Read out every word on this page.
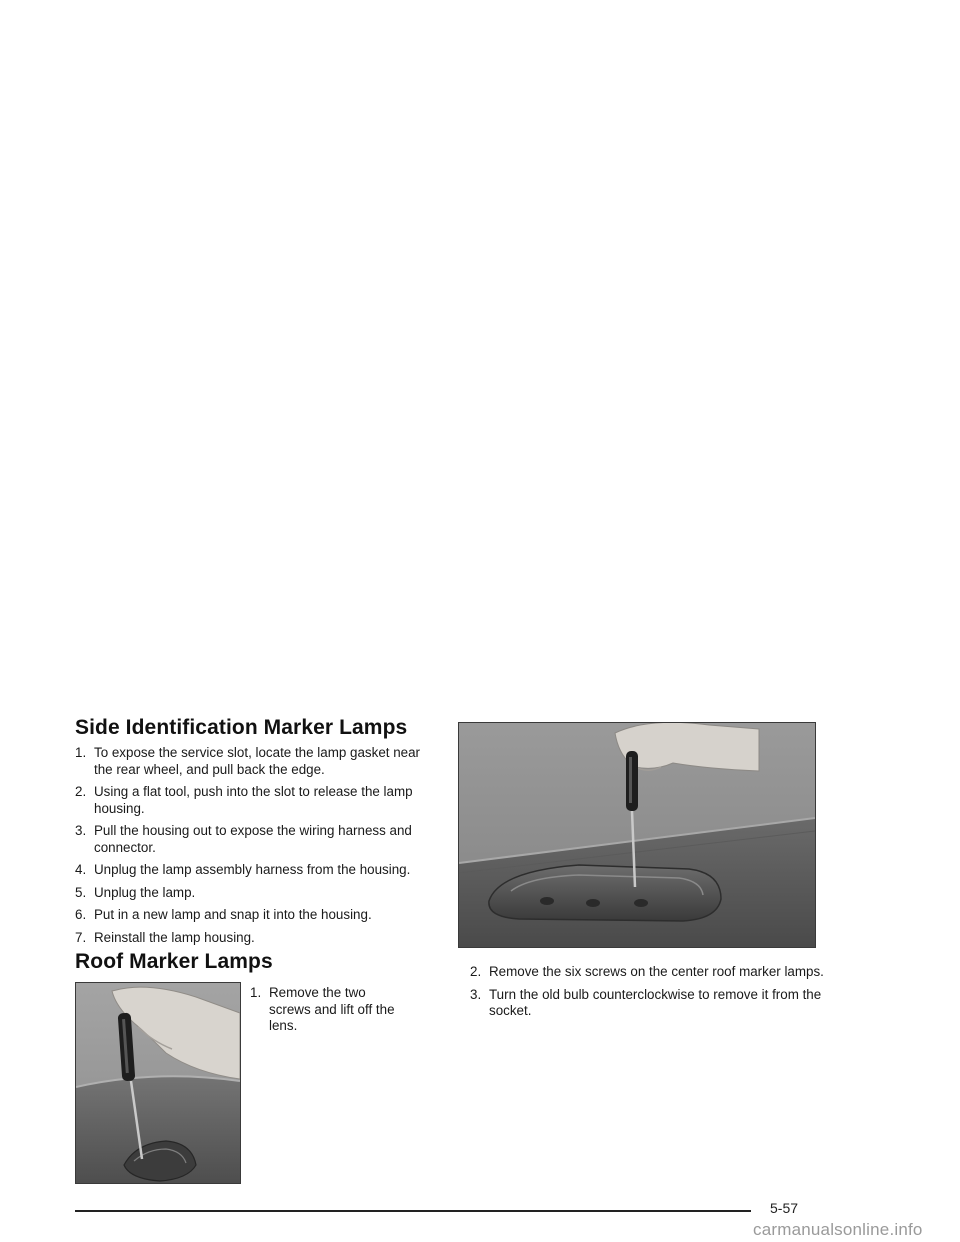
Side Identification Marker Lamps
1. To expose the service slot, locate the lamp gasket near the rear wheel, and pull back the edge.
2. Using a flat tool, push into the slot to release the lamp housing.
3. Pull the housing out to expose the wiring harness and connector.
4. Unplug the lamp assembly harness from the housing.
5. Unplug the lamp.
6. Put in a new lamp and snap it into the housing.
7. Reinstall the lamp housing.
Roof Marker Lamps
1. Remove the two screws and lift off the lens.
2. Remove the six screws on the center roof marker lamps.
3. Turn the old bulb counterclockwise to remove it from the socket.
5-57
carmanualsonline.info
